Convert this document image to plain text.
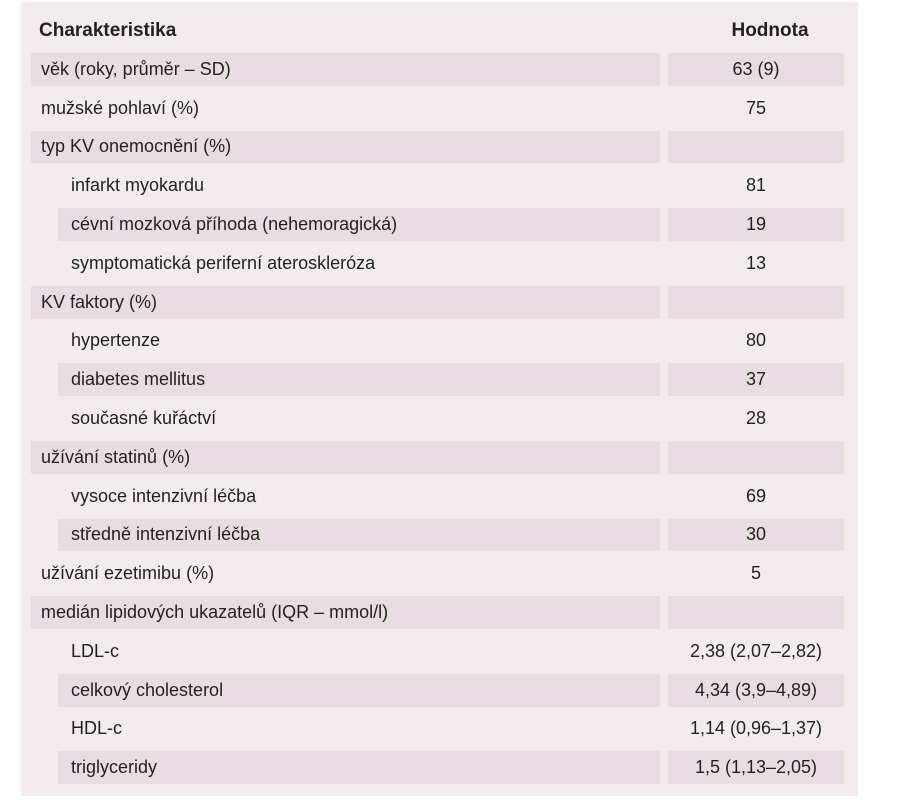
Charakteristika	Hodnota
věk (roky, průměr – SD)	63 (9)
mužské pohlaví (%)	75
typ KV onemocnění (%)
infarkt myokardu	81
cévní mozková příhoda (nehemoragická)	19
symptomatická periferní ateroskleróza	13
KV faktory (%)
hypertenze	80
diabetes mellitus	37
současné kuřáctví	28
užívání statinů (%)
vysoce intenzivní léčba	69
středně intenzivní léčba	30
užívání ezetimibu (%)	5
medián lipidových ukazatelů (IQR – mmol/l)
LDL-c	2,38 (2,07–2,82)
celkový cholesterol	4,34 (3,9–4,89)
HDL-c	1,14 (0,96–1,37)
triglyceridy	1,5 (1,13–2,05)
